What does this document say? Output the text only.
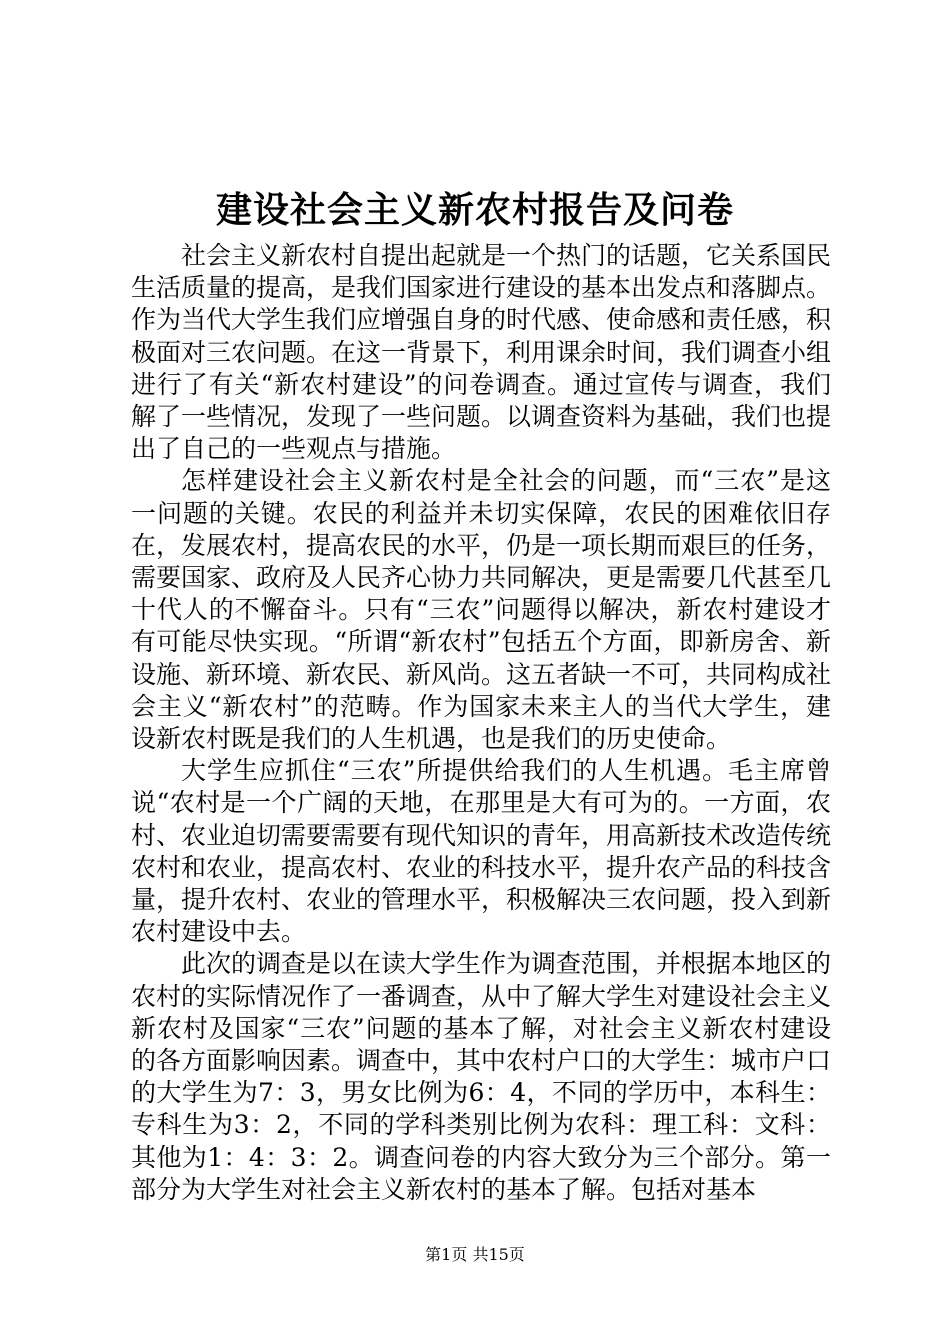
建设社会主义新农村报告及问卷

社会主义新农村自提出起就是一个热门的话题，它关系国民生活质量的提高，是我们国家进行建设的基本出发点和落脚点。作为当代大学生我们应增强自身的时代感、使命感和责任感，积极面对三农问题。在这一背景下，利用课余时间，我们调查小组进行了有关“新农村建设”的问卷调查。通过宣传与调查，我们解了一些情况，发现了一些问题。以调查资料为基础，我们也提出了自己的一些观点与措施。

怎样建设社会主义新农村是全社会的问题，而“三农”是这一问题的关键。农民的利益并未切实保障，农民的困难依旧存在，发展农村，提高农民的水平，仍是一项长期而艰巨的任务，需要国家、政府及人民齐心协力共同解决，更是需要几代甚至几十代人的不懈奋斗。只有“三农”问题得以解决，新农村建设才有可能尽快实现。“所谓“新农村”包括五个方面，即新房舍、新设施、新环境、新农民、新风尚。这五者缺一不可，共同构成社会主义“新农村”的范畴。作为国家未来主人的当代大学生，建设新农村既是我们的人生机遇，也是我们的历史使命。

大学生应抓住“三农”所提供给我们的人生机遇。毛主席曾说“农村是一个广阔的天地，在那里是大有可为的。一方面，农村、农业迫切需要需要有现代知识的青年，用高新技术改造传统农村和农业，提高农村、农业的科技水平，提升农产品的科技含量，提升农村、农业的管理水平，积极解决三农问题，投入到新农村建设中去。

此次的调查是以在读大学生作为调查范围，并根据本地区的农村的实际情况作了一番调查，从中了解大学生对建设社会主义新农村及国家“三农”问题的基本了解，对社会主义新农村建设的各方面影响因素。调查中，其中农村户口的大学生：城市户口的大学生为7：3，男女比例为6：4，不同的学历中，本科生：专科生为3：2，不同的学科类别比例为农科：理工科：文科：其他为1：4：3：2。调查问卷的内容大致分为三个部分。第一部分为大学生对社会主义新农村的基本了解。包括对基本

第1页 共15页
